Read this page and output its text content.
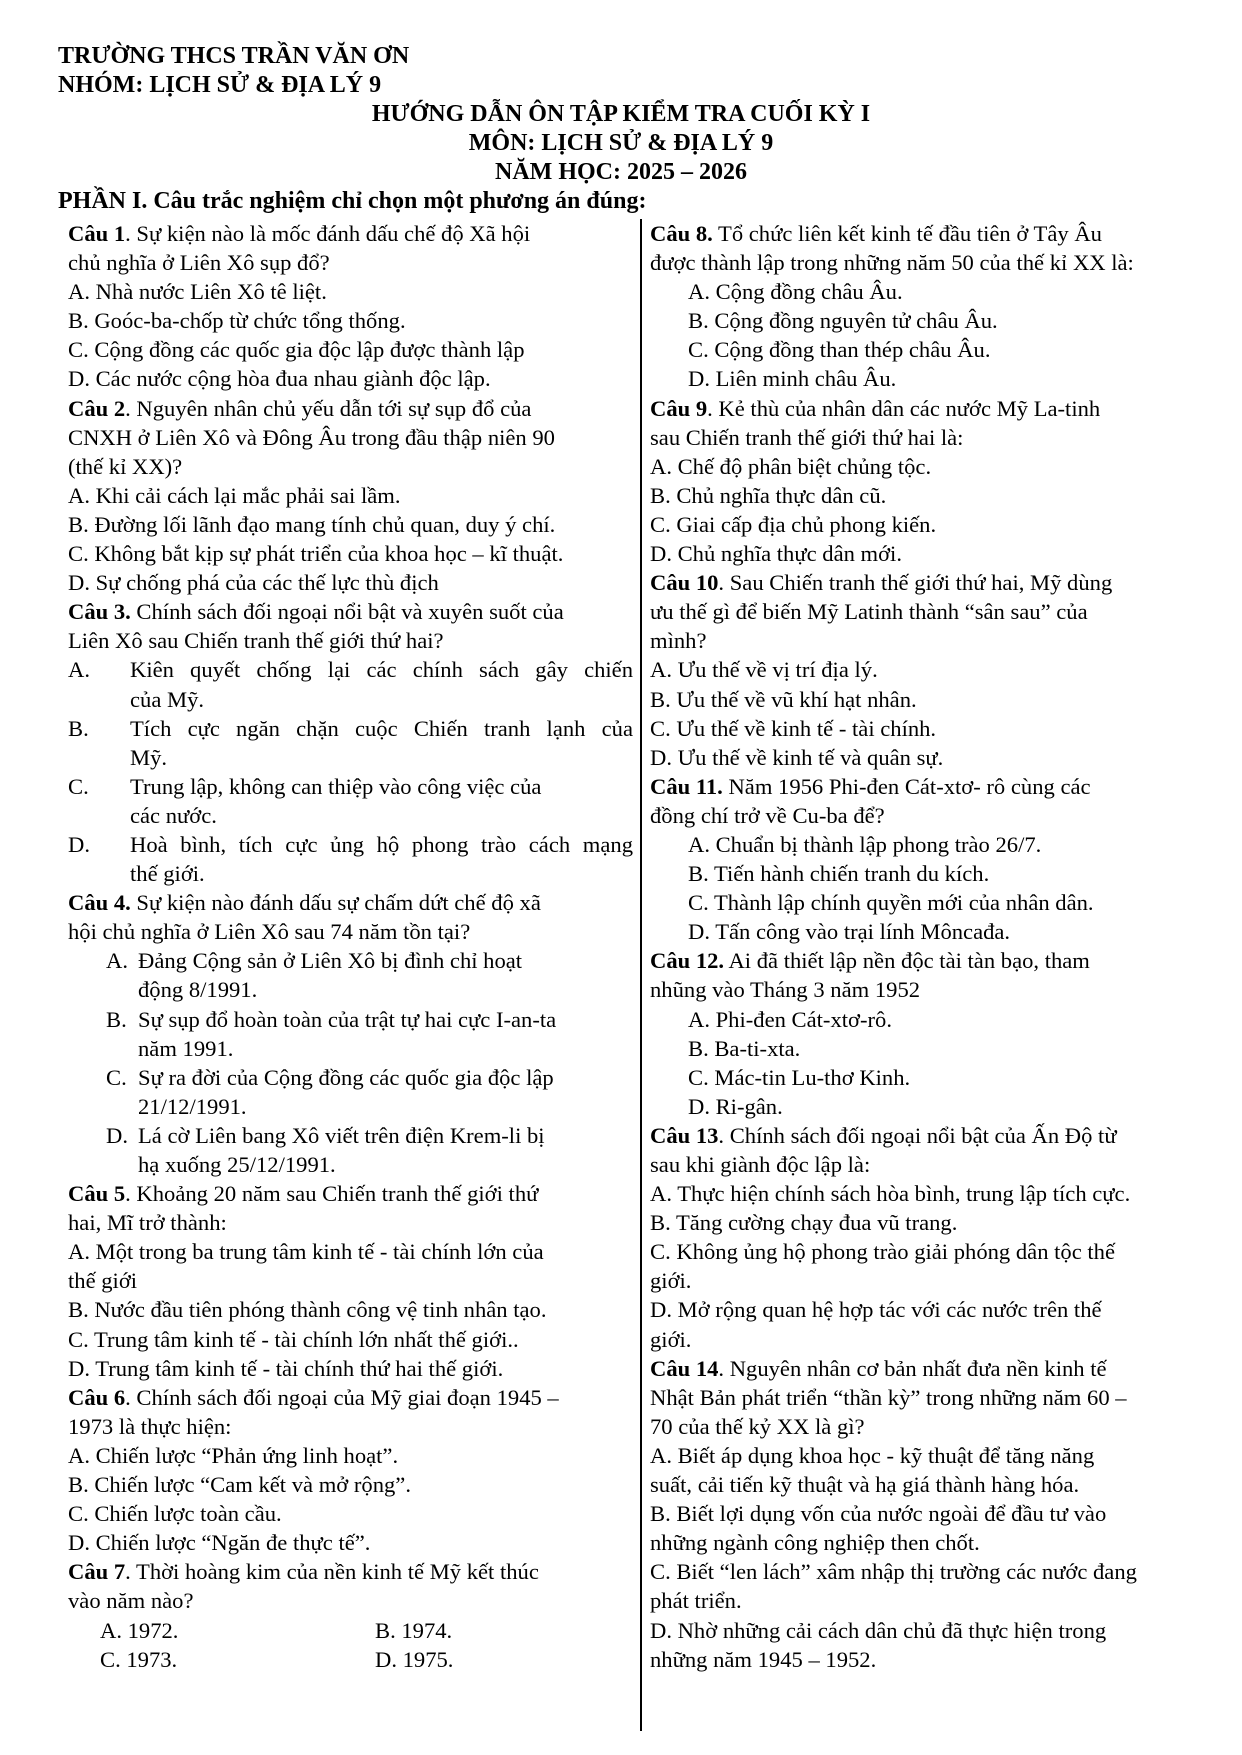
TRƯỜNG THCS TRẦN VĂN ƠN
NHÓM: LỊCH SỬ & ĐỊA LÝ 9
HƯỚNG DẪN ÔN TẬP KIỂM TRA CUỐI KỲ I
MÔN: LỊCH SỬ & ĐỊA LÝ 9
NĂM HỌC: 2025 – 2026
PHẦN I. Câu trắc nghiệm chỉ chọn một phương án đúng:
Câu 1. Sự kiện nào là mốc đánh dấu chế độ Xã hội
chủ nghĩa ở Liên Xô sụp đổ?
A. Nhà nước Liên Xô tê liệt.
B. Goóc-ba-chốp từ chức tổng thống.
C. Cộng đồng các quốc gia độc lập được thành lập
D. Các nước cộng hòa đua nhau giành độc lập.
Câu 2. Nguyên nhân chủ yếu dẫn tới sự sụp đổ của
CNXH ở Liên Xô và Đông Âu trong đầu thập niên 90
(thế kỉ XX)?
A. Khi cải cách lại mắc phải sai lầm.
B. Đường lối lãnh đạo mang tính chủ quan, duy ý chí.
C. Không bắt kịp sự phát triển của khoa học – kĩ thuật.
D. Sự chống phá của các thế lực thù địch
Câu 3. Chính sách đối ngoại nổi bật và xuyên suốt của
Liên Xô sau Chiến tranh thế giới thứ hai?
A.	Kiên quyết chống lại các chính sách gây chiến
của Mỹ.
B.	Tích cực ngăn chặn cuộc Chiến tranh lạnh của
Mỹ.
C.	Trung lập, không can thiệp vào công việc của
các nước.
D.	Hoà bình, tích cực ủng hộ phong trào cách mạng
thế giới.
Câu 4. Sự kiện nào đánh dấu sự chấm dứt chế độ xã
hội chủ nghĩa ở Liên Xô sau 74 năm tồn tại?
A. Đảng Cộng sản ở Liên Xô bị đình chỉ hoạt
động 8/1991.
B. Sự sụp đổ hoàn toàn của trật tự hai cực I-an-ta
năm 1991.
C. Sự ra đời của Cộng đồng các quốc gia độc lập
21/12/1991.
D. Lá cờ Liên bang Xô viết trên điện Krem-li bị
hạ xuống 25/12/1991.
Câu 5. Khoảng 20 năm sau Chiến tranh thế giới thứ
hai, Mĩ trở thành:
A. Một trong ba trung tâm kinh tế - tài chính lớn của
thế giới
B. Nước đầu tiên phóng thành công vệ tinh nhân tạo.
C. Trung tâm kinh tế - tài chính lớn nhất thế giới..
D. Trung tâm kinh tế - tài chính thứ hai thế giới.
Câu 6. Chính sách đối ngoại của Mỹ giai đoạn 1945 –
1973 là thực hiện:
A. Chiến lược “Phản ứng linh hoạt”.
B. Chiến lược “Cam kết và mở rộng”.
C. Chiến lược toàn cầu.
D. Chiến lược “Ngăn đe thực tế”.
Câu 7. Thời hoàng kim của nền kinh tế Mỹ kết thúc
vào năm nào?
A. 1972.	B. 1974.
C. 1973.	D. 1975.
Câu 8. Tổ chức liên kết kinh tế đầu tiên ở Tây Âu
được thành lập trong những năm 50 của thế kỉ XX là:
A. Cộng đồng châu Âu.
B. Cộng đồng nguyên tử châu Âu.
C. Cộng đồng than thép châu Âu.
D. Liên minh châu Âu.
Câu 9. Kẻ thù của nhân dân các nước Mỹ La-tinh
sau Chiến tranh thế giới thứ hai là:
A. Chế độ phân biệt chủng tộc.
B. Chủ nghĩa thực dân cũ.
C. Giai cấp địa chủ phong kiến.
D. Chủ nghĩa thực dân mới.
Câu 10. Sau Chiến tranh thế giới thứ hai, Mỹ dùng
ưu thế gì để biến Mỹ Latinh thành “sân sau” của
mình?
A. Ưu thế về vị trí địa lý.
B. Ưu thế về vũ khí hạt nhân.
C. Ưu thế về kinh tế - tài chính.
D. Ưu thế về kinh tế và quân sự.
Câu 11. Năm 1956 Phi-đen Cát-xtơ- rô cùng các
đồng chí trở về Cu-ba để?
A. Chuẩn bị thành lập phong trào 26/7.
B. Tiến hành chiến tranh du kích.
C. Thành lập chính quyền mới của nhân dân.
D. Tấn công vào trại lính Môncađa.
Câu 12. Ai đã thiết lập nền độc tài tàn bạo, tham
nhũng vào Tháng 3 năm 1952
A. Phi-đen Cát-xtơ-rô.
B. Ba-ti-xta.
C. Mác-tin Lu-thơ Kinh.
D. Ri-gân.
Câu 13. Chính sách đối ngoại nổi bật của Ấn Độ từ
sau khi giành độc lập là:
A. Thực hiện chính sách hòa bình, trung lập tích cực.
B. Tăng cường chạy đua vũ trang.
C. Không ủng hộ phong trào giải phóng dân tộc thế
giới.
D. Mở rộng quan hệ hợp tác với các nước trên thế
giới.
Câu 14. Nguyên nhân cơ bản nhất đưa nền kinh tế
Nhật Bản phát triển “thần kỳ” trong những năm 60 –
70 của thế kỷ XX là gì?
A. Biết áp dụng khoa học - kỹ thuật để tăng năng
suất, cải tiến kỹ thuật và hạ giá thành hàng hóa.
B. Biết lợi dụng vốn của nước ngoài để đầu tư vào
những ngành công nghiệp then chốt.
C. Biết “len lách” xâm nhập thị trường các nước đang
phát triển.
D. Nhờ những cải cách dân chủ đã thực hiện trong
những năm 1945 – 1952.
